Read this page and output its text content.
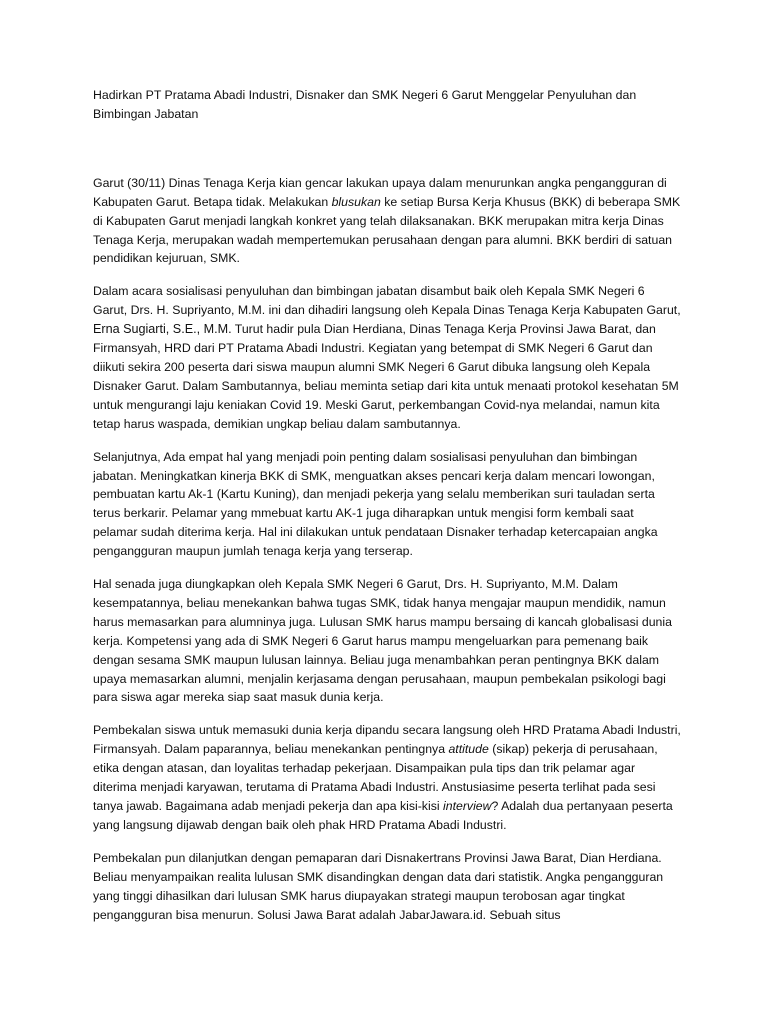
Hadirkan PT Pratama Abadi Industri, Disnaker dan SMK Negeri 6 Garut Menggelar Penyuluhan dan Bimbingan Jabatan

Garut (30/11) Dinas Tenaga Kerja kian gencar lakukan upaya dalam menurunkan angka pengangguran di Kabupaten Garut. Betapa tidak. Melakukan blusukan ke setiap Bursa Kerja Khusus (BKK) di beberapa SMK di Kabupaten Garut menjadi langkah konkret yang telah dilaksanakan. BKK merupakan mitra kerja Dinas Tenaga Kerja, merupakan wadah mempertemukan perusahaan dengan para alumni. BKK berdiri di satuan pendidikan kejuruan, SMK.

Dalam acara sosialisasi penyuluhan dan bimbingan jabatan disambut baik oleh Kepala SMK Negeri 6 Garut, Drs. H. Supriyanto, M.M. ini dan dihadiri langsung oleh Kepala Dinas Tenaga Kerja Kabupaten Garut, Erna Sugiarti, S.E., M.M. Turut hadir pula Dian Herdiana, Dinas Tenaga Kerja Provinsi Jawa Barat, dan Firmansyah, HRD dari PT Pratama Abadi Industri. Kegiatan yang betempat di SMK Negeri 6 Garut dan diikuti sekira 200 peserta dari siswa maupun alumni SMK Negeri 6 Garut dibuka langsung oleh Kepala Disnaker Garut. Dalam Sambutannya, beliau meminta setiap dari kita untuk menaati protokol kesehatan 5M untuk mengurangi laju keniakan Covid 19. Meski Garut, perkembangan Covid-nya melandai, namun kita tetap harus waspada, demikian ungkap beliau dalam sambutannya.

Selanjutnya, Ada empat hal yang menjadi poin penting dalam sosialisasi penyuluhan dan bimbingan jabatan. Meningkatkan kinerja BKK di SMK, menguatkan akses pencari kerja dalam mencari lowongan, pembuatan kartu Ak-1 (Kartu Kuning), dan menjadi pekerja yang selalu memberikan suri tauladan serta terus berkarir. Pelamar yang mmebuat kartu AK-1 juga diharapkan untuk mengisi form kembali saat pelamar sudah diterima kerja. Hal ini dilakukan untuk pendataan Disnaker terhadap ketercapaian angka pengangguran maupun jumlah tenaga kerja yang terserap.

Hal senada juga diungkapkan oleh Kepala SMK Negeri 6 Garut, Drs. H. Supriyanto, M.M. Dalam kesempatannya, beliau menekankan bahwa tugas SMK, tidak hanya mengajar maupun mendidik, namun harus memasarkan para alumninya juga. Lulusan SMK harus mampu bersaing di kancah globalisasi dunia kerja. Kompetensi yang ada di SMK Negeri 6 Garut harus mampu mengeluarkan para pemenang baik dengan sesama SMK maupun lulusan lainnya. Beliau juga menambahkan peran pentingnya BKK dalam upaya memasarkan alumni, menjalin kerjasama dengan perusahaan, maupun pembekalan psikologi bagi para siswa agar mereka siap saat masuk dunia kerja.

Pembekalan siswa untuk memasuki dunia kerja dipandu secara langsung oleh HRD Pratama Abadi Industri, Firmansyah. Dalam paparannya, beliau menekankan pentingnya attitude (sikap) pekerja di perusahaan, etika dengan atasan, dan loyalitas terhadap pekerjaan. Disampaikan pula tips dan trik pelamar agar diterima menjadi karyawan, terutama di Pratama Abadi Industri. Anstusiasime peserta terlihat pada sesi tanya jawab. Bagaimana adab menjadi pekerja dan apa kisi-kisi interview? Adalah dua pertanyaan peserta yang langsung dijawab dengan baik oleh phak HRD Pratama Abadi Industri.

Pembekalan pun dilanjutkan dengan pemaparan dari Disnakertrans Provinsi Jawa Barat, Dian Herdiana. Beliau menyampaikan realita lulusan SMK disandingkan dengan data dari statistik. Angka pengangguran yang tinggi dihasilkan dari lulusan SMK harus diupayakan strategi maupun terobosan agar tingkat pengangguran bisa menurun. Solusi Jawa Barat adalah JabarJawara.id. Sebuah situs
